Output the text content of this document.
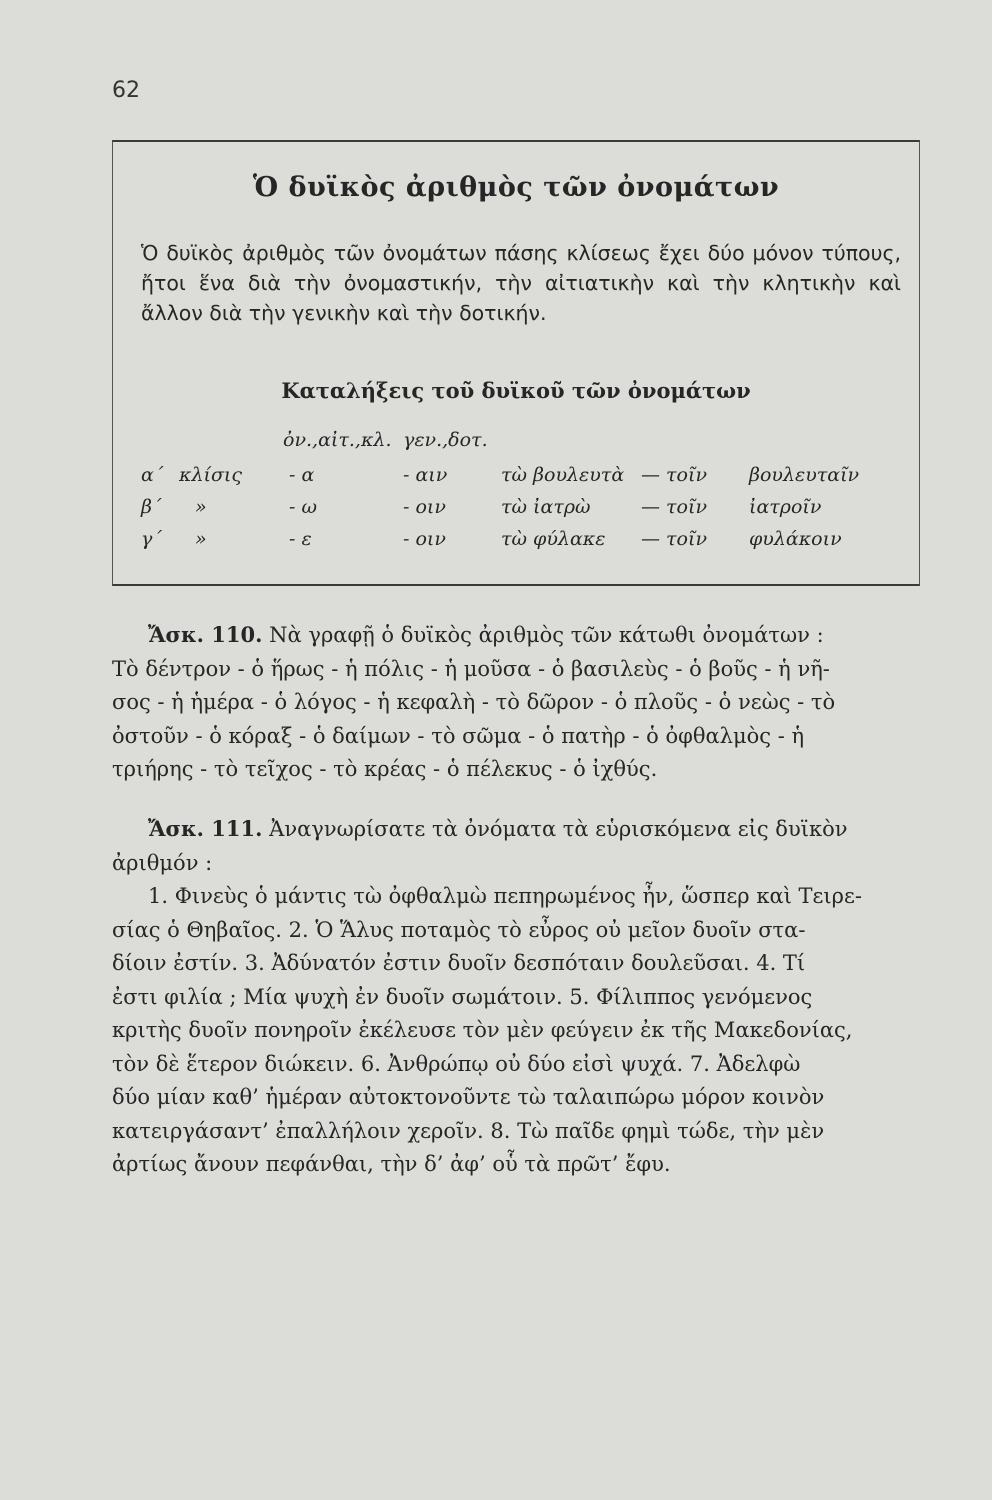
62
Ὁ δυϊκὸς ἀριθμὸς τῶν ὀνομάτων
Ὁ δυϊκὸς ἀριθμὸς τῶν ὀνομάτων πάσης κλίσεως ἔχει δύο μόνον τύπους, ἤτοι ἕνα διὰ τὴν ὀνομαστικήν, τὴν αἰτιατικὴν καὶ τὴν κλητικὴν καὶ ἄλλον διὰ τὴν γενικὴν καὶ τὴν δοτικήν.
Καταλήξεις τοῦ δυϊκοῦ τῶν ὀνομάτων
ὀν.,αἰτ.,κλ. γεν.,δοτ.
α´ κλίσις - α	- αιν	τὼ βουλευτὰ — τοῖν βουλευταῖν
β´ »	- ω	- οιν	τὼ ἰατρὼ	— τοῖν ἰατροῖν
γ´ »	- ε	- οιν	τὼ φύλακε — τοῖν φυλάκοιν
Ἄσκ. 110. Νὰ γραφῇ ὁ δυϊκὸς ἀριθμὸς τῶν κάτωθι ὀνομάτων :
Τὸ δέντρον - ὁ ἥρως - ἡ πόλις - ἡ μοῦσα - ὁ βασιλεὺς - ὁ βοῦς - ἡ νῆ-
σος - ἡ ἡμέρα - ὁ λόγος - ἡ κεφαλὴ - τὸ δῶρον - ὁ πλοῦς - ὁ νεὼς - τὸ
ὀστοῦν - ὁ κόραξ - ὁ δαίμων - τὸ σῶμα - ὁ πατὴρ - ὁ ὀφθαλμὸς - ἡ
τριήρης - τὸ τεῖχος - τὸ κρέας - ὁ πέλεκυς - ὁ ἰχθύς.
Ἄσκ. 111. Ἀναγνωρίσατε τὰ ὀνόματα τὰ εὑρισκόμενα εἰς δυϊκὸν
ἀριθμόν :
1. Φινεὺς ὁ μάντις τὼ ὀφθαλμὼ πεπηρωμένος ἦν, ὥσπερ καὶ Τειρε-
σίας ὁ Θηβαῖος. 2. Ὁ Ἅλυς ποταμὸς τὸ εὖρος οὐ μεῖον δυοῖν στα-
δίοιν ἐστίν. 3. Ἀδύνατόν ἐστιν δυοῖν δεσπόταιν δουλεῦσαι. 4. Τί
ἐστι φιλία ; Μία ψυχὴ ἐν δυοῖν σωμάτοιν. 5. Φίλιππος γενόμενος
κριτὴς δυοῖν πονηροῖν ἐκέλευσε τὸν μὲν φεύγειν ἐκ τῆς Μακεδονίας,
τὸν δὲ ἕτερον διώκειν. 6. Ἀνθρώπῳ οὐ δύο εἰσὶ ψυχά. 7. Ἀδελφὼ
δύο μίαν καθ’ ἡμέραν αὐτοκτονοῦντε τὼ ταλαιπώρω μόρον κοινὸν
κατειργάσαντ’ ἐπαλλήλοιν χεροῖν. 8. Τὼ παῖδε φημὶ τώδε, τὴν μὲν
ἀρτίως ἄνουν πεφάνθαι, τὴν δ’ ἀφ’ οὗ τὰ πρῶτ’ ἔφυ.
